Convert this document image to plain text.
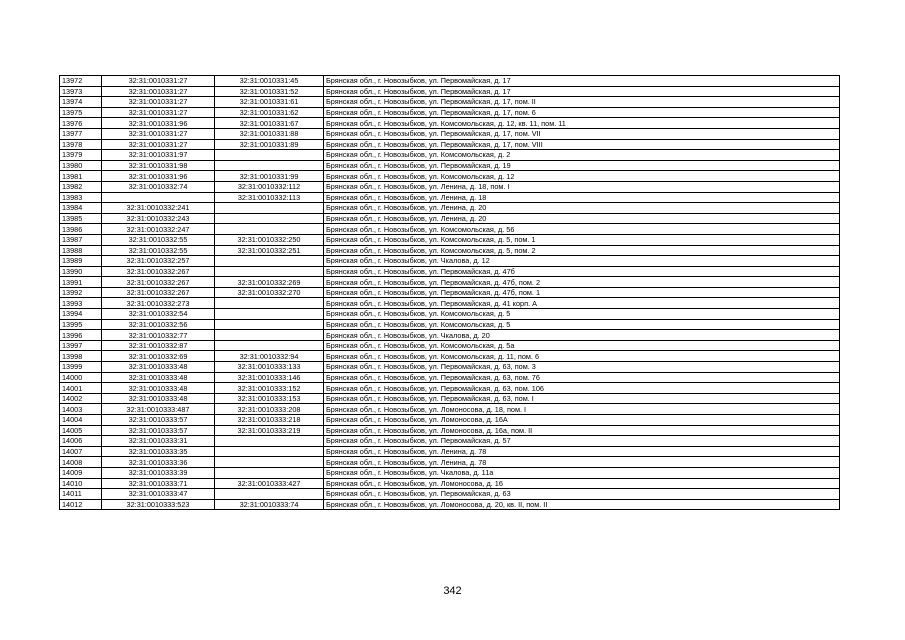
13972	32:31:0010331:27	32:31:0010331:45	Брянская обл., г. Новозыбков, ул. Первомайская, д. 17
13973	32:31:0010331:27	32:31:0010331:52	Брянская обл., г. Новозыбков, ул. Первомайская, д. 17
13974	32:31:0010331:27	32:31:0010331:61	Брянская обл., г. Новозыбков, ул. Первомайская, д. 17, пом. II
13975	32:31:0010331:27	32:31:0010331:62	Брянская обл., г. Новозыбков, ул. Первомайская, д. 17, пом. 6
13976	32:31:0010331:96	32:31:0010331:67	Брянская обл., г. Новозыбков, ул. Комсомольская, д. 12, кв. 11, пом. 11
13977	32:31:0010331:27	32:31:0010331:88	Брянская обл., г. Новозыбков, ул. Первомайская, д. 17, пом. VII
13978	32:31:0010331:27	32:31:0010331:89	Брянская обл., г. Новозыбков, ул. Первомайская, д. 17, пом. VIII
13979	32:31:0010331:97		Брянская обл., г. Новозыбков, ул. Комсомольская, д. 2
13980	32:31:0010331:98		Брянская обл., г. Новозыбков, ул. Первомайская, д. 19
13981	32:31:0010331:96	32:31:0010331:99	Брянская обл., г. Новозыбков, ул. Комсомольская, д. 12
13982	32:31:0010332:74	32:31:0010332:112	Брянская обл., г. Новозыбков, ул. Ленина, д. 18, пом. I
13983		32:31:0010332:113	Брянская обл., г. Новозыбков, ул. Ленина, д. 18
13984	32:31:0010332:241		Брянская обл., г. Новозыбков, ул. Ленина, д. 20
13985	32:31:0010332:243		Брянская обл., г. Новозыбков, ул. Ленина, д. 20
13986	32:31:0010332:247		Брянская обл., г. Новозыбков, ул. Комсомольская, д. 56
13987	32:31:0010332:55	32:31:0010332:250	Брянская обл., г. Новозыбков, ул. Комсомольская, д. 5, пом. 1
13988	32:31:0010332:55	32:31:0010332:251	Брянская обл., г. Новозыбков, ул. Комсомольская, д. 5, пом. 2
13989	32:31:0010332:257		Брянская обл., г. Новозыбков, ул. Чкалова, д. 12
13990	32:31:0010332:267		Брянская обл., г. Новозыбков, ул. Первомайская, д. 47б
13991	32:31:0010332:267	32:31:0010332:269	Брянская обл., г. Новозыбков, ул. Первомайская, д. 47б, пом. 2
13992	32:31:0010332:267	32:31:0010332:270	Брянская обл., г. Новозыбков, ул. Первомайская, д. 47б, пом. 1
13993	32:31:0010332:273		Брянская обл., г. Новозыбков, ул. Первомайская, д. 41 корп. А
13994	32:31:0010332:54		Брянская обл., г. Новозыбков, ул. Комсомольская, д. 5
13995	32:31:0010332:56		Брянская обл., г. Новозыбков, ул. Комсомольская, д. 5
13996	32:31:0010332:77		Брянская обл., г. Новозыбков, ул. Чкалова, д. 20
13997	32:31:0010332:87		Брянская обл., г. Новозыбков, ул. Комсомольская, д. 5а
13998	32:31:0010332:69	32:31:0010332:94	Брянская обл., г. Новозыбков, ул. Комсомольская, д. 11, пом. 6
13999	32:31:0010333:48	32:31:0010333:133	Брянская обл., г. Новозыбков, ул. Первомайская, д. 63, пом. 3
14000	32:31:0010333:48	32:31:0010333:146	Брянская обл., г. Новозыбков, ул. Первомайская, д. 63, пом. 76
14001	32:31:0010333:48	32:31:0010333:152	Брянская обл., г. Новозыбков, ул. Первомайская, д. 63, пом. 106
14002	32:31:0010333:48	32:31:0010333:153	Брянская обл., г. Новозыбков, ул. Первомайская, д. 63, пом. I
14003	32:31:0010333:487	32:31:0010333:208	Брянская обл., г. Новозыбков, ул. Ломоносова, д. 18, пом. I
14004	32:31:0010333:57	32:31:0010333:218	Брянская обл., г. Новозыбков, ул. Ломоносова, д. 16А
14005	32:31:0010333:57	32:31:0010333:219	Брянская обл., г. Новозыбков, ул. Ломоносова, д. 16а, пом. II
14006	32:31:0010333:31		Брянская обл., г. Новозыбков, ул. Первомайская, д. 57
14007	32:31:0010333:35		Брянская обл., г. Новозыбков, ул. Ленина, д. 78
14008	32:31:0010333:36		Брянская обл., г. Новозыбков, ул. Ленина, д. 78
14009	32:31:0010333:39		Брянская обл., г. Новозыбков, ул. Чкалова, д. 11а
14010	32:31:0010333:71	32:31:0010333:427	Брянская обл., г. Новозыбков, ул. Ломоносова, д. 16
14011	32:31:0010333:47		Брянская обл., г. Новозыбков, ул. Первомайская, д. 63
14012	32:31:0010333:523	32:31:0010333:74	Брянская обл., г. Новозыбков, ул. Ломоносова, д. 20, кв. II, пом. II
342
